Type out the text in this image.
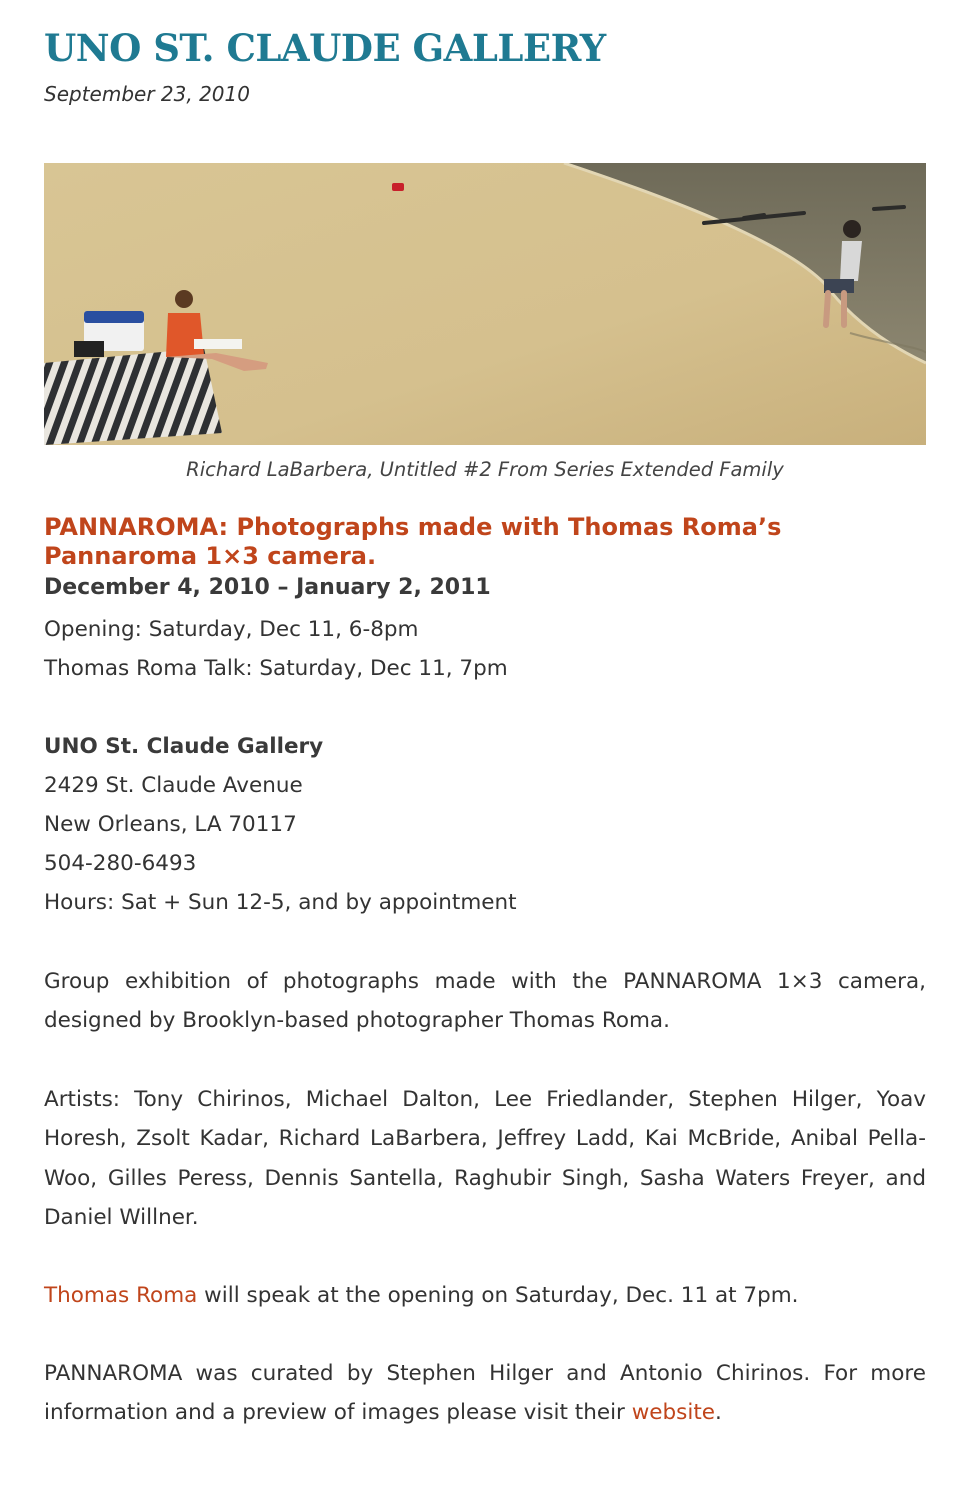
UNO ST. CLAUDE GALLERY
September 23, 2010
Richard LaBarbera, Untitled #2 From Series Extended Family
PANNAROMA: Photographs made with Thomas Roma’s Pannaroma 1×3 camera.
December 4, 2010 – January 2, 2011
Opening: Saturday, Dec 11, 6-8pm
Thomas Roma Talk: Saturday, Dec 11, 7pm
UNO St. Claude Gallery
2429 St. Claude Avenue
New Orleans, LA 70117
504-280-6493
Hours: Sat + Sun 12-5, and by appointment

Group exhibition of photographs made with the PANNAROMA 1×3 camera, designed by Brooklyn-based photographer Thomas Roma.

Artists: Tony Chirinos, Michael Dalton, Lee Friedlander, Stephen Hilger, Yoav Horesh, Zsolt Kadar, Richard LaBarbera, Jeffrey Ladd, Kai McBride, Anibal Pella-Woo, Gilles Peress, Dennis Santella, Raghubir Singh, Sasha Waters Freyer, and Daniel Willner.

Thomas Roma will speak at the opening on Saturday, Dec. 11 at 7pm.

PANNAROMA was curated by Stephen Hilger and Antonio Chirinos. For more information and a preview of images please visit their website.
